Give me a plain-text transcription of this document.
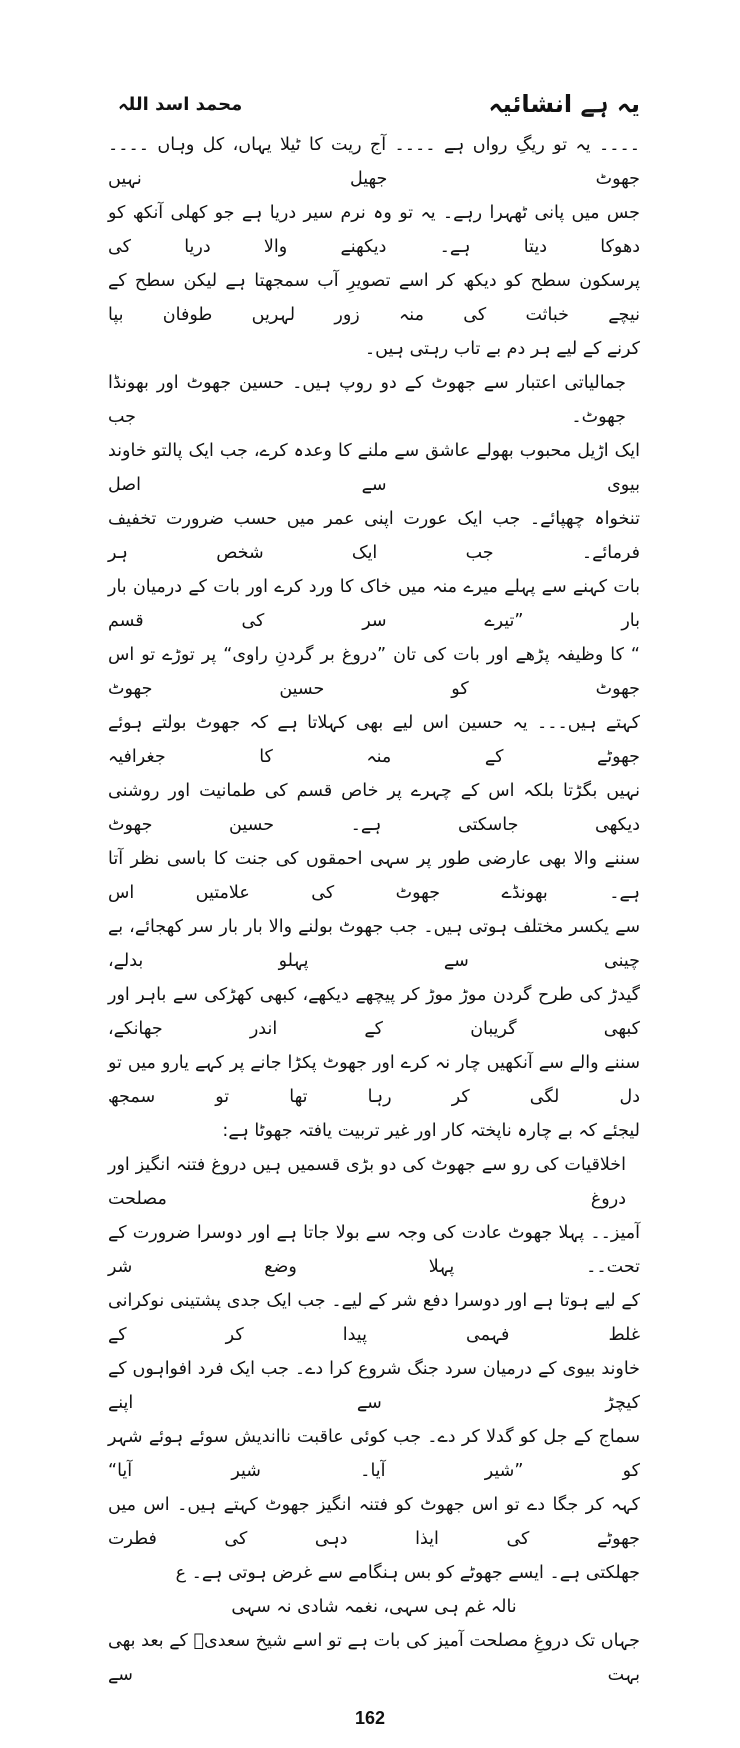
یہ ہے انشائیہ
محمد اسد اللہ

۔۔۔۔ یہ تو ریگِ رواں ہے ۔۔۔۔ آج ریت کا ٹیلا یہاں، کل وہاں ۔۔۔۔ جھوٹ جھیل نہیں

جس میں پانی ٹھہرا رہے۔ یہ تو وہ نرم سیر دریا ہے جو کھلی آنکھ کو دھوکا دیتا ہے۔ دیکھنے والا دریا کی

پرسکون سطح کو دیکھ کر اسے تصویرِ آب سمجھتا ہے لیکن سطح کے نیچے خباثت کی منہ زور لہریں طوفان بپا

کرنے کے لیے ہر دم بے تاب رہتی ہیں۔

جمالیاتی اعتبار سے جھوٹ کے دو روپ ہیں۔ حسین جھوٹ اور بھونڈا جھوٹ۔ جب

ایک اڑیل محبوب بھولے عاشق سے ملنے کا وعدہ کرے، جب ایک پالتو خاوند بیوی سے اصل

تنخواہ چھپائے۔ جب ایک عورت اپنی عمر میں حسب ضرورت تخفیف فرمائے۔ جب ایک شخص ہر

بات کہنے سے پہلے میرے منہ میں خاک کا ورد کرے اور بات کے درمیان بار بار ”تیرے سر کی قسم

“ کا وظیفہ پڑھے اور بات کی تان ”دروغ بر گردنِ راوی“ پر توڑے تو اس جھوٹ کو حسین جھوٹ

کہتے ہیں۔۔۔ یہ حسین اس لیے بھی کہلاتا ہے کہ جھوٹ بولتے ہوئے جھوٹے کے منہ کا جغرافیہ

نہیں بگڑتا بلکہ اس کے چہرے پر خاص قسم کی طمانیت اور روشنی دیکھی جاسکتی ہے۔ حسین جھوٹ

سننے والا بھی عارضی طور پر سہی احمقوں کی جنت کا باسی نظر آتا ہے۔ بھونڈے جھوٹ کی علامتیں اس

سے یکسر مختلف ہوتی ہیں۔ جب جھوٹ بولنے والا بار بار سر کھجائے، بے چینی سے پہلو بدلے،

گیدڑ کی طرح گردن موڑ موڑ کر پیچھے دیکھے، کبھی کھڑکی سے باہر اور کبھی گریبان کے اندر جھانکے،

سننے والے سے آنکھیں چار نہ کرے اور جھوٹ پکڑا جانے پر کہے یارو میں تو دل لگی کر رہا تھا تو سمجھ

لیجئے کہ بے چارہ ناپختہ کار اور غیر تربیت یافتہ جھوٹا ہے:

اخلاقیات کی رو سے جھوٹ کی دو بڑی قسمیں ہیں دروغ فتنہ انگیز اور دروغ مصلحت

آمیز۔۔ پہلا جھوٹ عادت کی وجہ سے بولا جاتا ہے اور دوسرا ضرورت کے تحت۔۔ پہلا وضع شر

کے لیے ہوتا ہے اور دوسرا دفع شر کے لیے۔ جب ایک جدی پشتینی نوکرانی غلط فہمی پیدا کر کے

خاوند بیوی کے درمیان سرد جنگ شروع کرا دے۔ جب ایک فرد افواہوں کے کیچڑ سے اپنے

سماج کے جل کو گدلا کر دے۔ جب کوئی عاقبت نااندیش سوئے ہوئے شہر کو ”شیر آیا۔ شیر آیا“

کہہ کر جگا دے تو اس جھوٹ کو فتنہ انگیز جھوٹ کہتے ہیں۔ اس میں جھوٹے کی ایذا دہی کی فطرت

جھلکتی ہے۔ ایسے جھوٹے کو بس ہنگامے سے غرض ہوتی ہے۔ ع

نالہ غم ہی سہی، نغمہ شادی نہ سہی

جہاں تک دروغِ مصلحت آمیز کی بات ہے تو اسے شیخ سعدیؒ کے بعد بھی بہت سے

162
